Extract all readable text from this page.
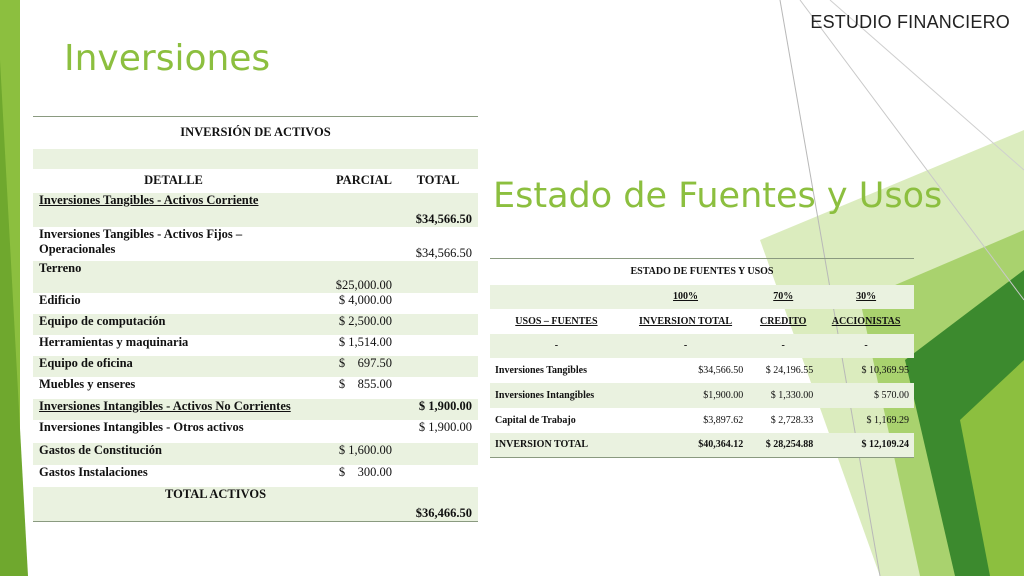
ESTUDIO FINANCIERO
Inversiones
Estado de Fuentes y Usos
INVERSIÓN DE ACTIVOS		

DETALLE	PARCIAL	TOTAL
Inversiones Tangibles - Activos Corriente		$34,566.50
Inversiones Tangibles - Activos Fijos – Operacionales		$34,566.50
Terreno	$25,000.00	
Edificio	$ 4,000.00	
Equipo de computación	$ 2,500.00	
Herramientas y maquinaria	$ 1,514.00	
Equipo de oficina	$    697.50	
Muebles y enseres	$    855.00	
Inversiones Intangibles - Activos No Corrientes		$ 1,900.00
Inversiones Intangibles - Otros activos		$ 1,900.00
Gastos de Constitución	$ 1,600.00	
Gastos Instalaciones	$    300.00	
TOTAL ACTIVOS		$36,466.50
ESTADO DE FUENTES Y USOS			
	100%	70%	30%
USOS – FUENTES	INVERSION TOTAL	CREDITO	ACCIONISTAS
-	-	-	-
Inversiones Tangibles	$34,566.50	$ 24,196.55	$ 10,369.95
Inversiones Intangibles	$1,900.00	$ 1,330.00	$ 570.00
Capital de Trabajo	$3,897.62	$ 2,728.33	$ 1,169.29
INVERSION TOTAL	$40,364.12	$ 28,254.88	$ 12,109.24
